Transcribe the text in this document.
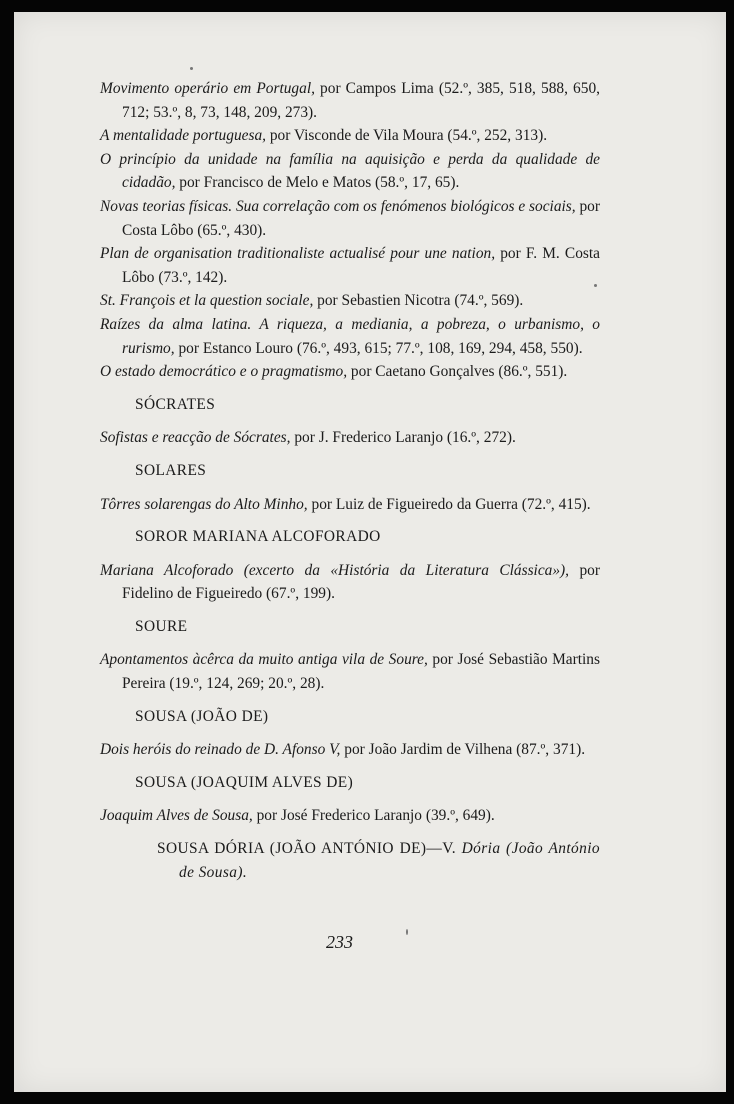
Movimento operário em Portugal, por Campos Lima (52.º, 385, 518, 588, 650, 712; 53.º, 8, 73, 148, 209, 273).

A mentalidade portuguesa, por Visconde de Vila Moura (54.º, 252, 313).

O princípio da unidade na família na aquisição e perda da qualidade de cidadão, por Francisco de Melo e Matos (58.º, 17, 65).

Novas teorias físicas. Sua correlação com os fenómenos biológicos e sociais, por Costa Lôbo (65.º, 430).

Plan de organisation traditionaliste actualisé pour une nation, por F. M. Costa Lôbo (73.º, 142).

St. François et la question sociale, por Sebastien Nicotra (74.º, 569).

Raízes da alma latina. A riqueza, a mediania, a pobreza, o urbanismo, o rurismo, por Estanco Louro (76.º, 493, 615; 77.º, 108, 169, 294, 458, 550).

O estado democrático e o pragmatismo, por Caetano Gonçalves (86.º, 551).

SÓCRATES

Sofistas e reacção de Sócrates, por J. Frederico Laranjo (16.º, 272).

SOLARES

Tôrres solarengas do Alto Minho, por Luiz de Figueiredo da Guerra (72.º, 415).

SOROR MARIANA ALCOFORADO

Mariana Alcoforado (excerto da «História da Literatura Clássica»), por Fidelino de Figueiredo (67.º, 199).

SOURE

Apontamentos àcêrca da muito antiga vila de Soure, por José Sebastião Martins Pereira (19.º, 124, 269; 20.º, 28).

SOUSA (JOÃO DE)

Dois heróis do reinado de D. Afonso V, por João Jardim de Vilhena (87.º, 371).

SOUSA (JOAQUIM ALVES DE)

Joaquim Alves de Sousa, por José Frederico Laranjo (39.º, 649).

SOUSA DÓRIA (JOÃO ANTÓNIO DE)—V. Dória (João António de Sousa).

233
